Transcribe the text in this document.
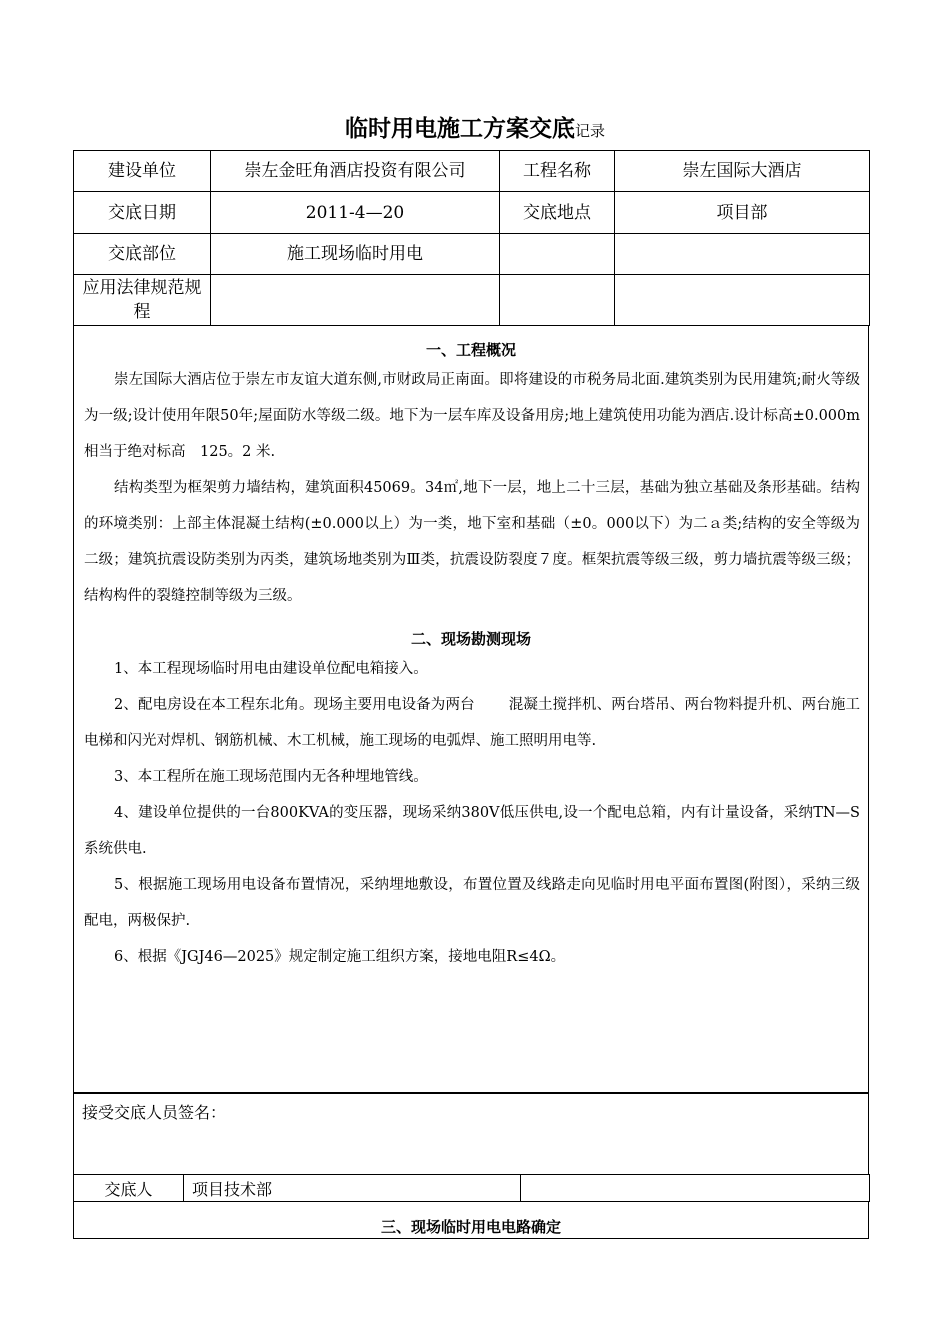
临时用电施工方案交底记录
建设单位	崇左金旺角酒店投资有限公司	工程名称	崇左国际大酒店
交底日期	2011-4—20	交底地点	项目部
交底部位	施工现场临时用电		
应用法律规范规程			
一、工程概况

崇左国际大酒店位于崇左市友谊大道东侧,市财政局正南面。即将建设的市税务局北面.建筑类别为民用建筑;耐火等级为一级;设计使用年限50年;屋面防水等级二级。地下为一层车库及设备用房;地上建筑使用功能为酒店.设计标高±0.000m相当于绝对标高　125。2 米.

结构类型为框架剪力墙结构，建筑面积45069。34㎡,地下一层，地上二十三层，基础为独立基础及条形基础。结构的环境类别：上部主体混凝土结构(±0.000以上）为一类，地下室和基础（±0。000以下）为二ａ类;结构的安全等级为二级；建筑抗震设防类别为丙类，建筑场地类别为Ⅲ类，抗震设防裂度７度。框架抗震等级三级，剪力墙抗震等级三级；结构构件的裂缝控制等级为三级。

二、现场勘测现场

1、本工程现场临时用电由建设单位配电箱接入。

2、配电房设在本工程东北角。现场主要用电设备为两台　　 混凝土搅拌机、两台塔吊、两台物料提升机、两台施工电梯和闪光对焊机、钢筋机械、木工机械，施工现场的电弧焊、施工照明用电等.

3、本工程所在施工现场范围内无各种埋地管线。

4、建设单位提供的一台800KVA的变压器，现场采纳380V低压供电,设一个配电总箱，内有计量设备，采纳TN—S系统供电.

5、根据施工现场用电设备布置情况，采纳埋地敷设，布置位置及线路走向见临时用电平面布置图(附图），采纳三级配电，两极保护.

6、根据《JGJ46—2025》规定制定施工组织方案，接地电阻R≤4Ω。

接受交底人员签名：
交底人	项目技术部	
三、现场临时用电电路确定
